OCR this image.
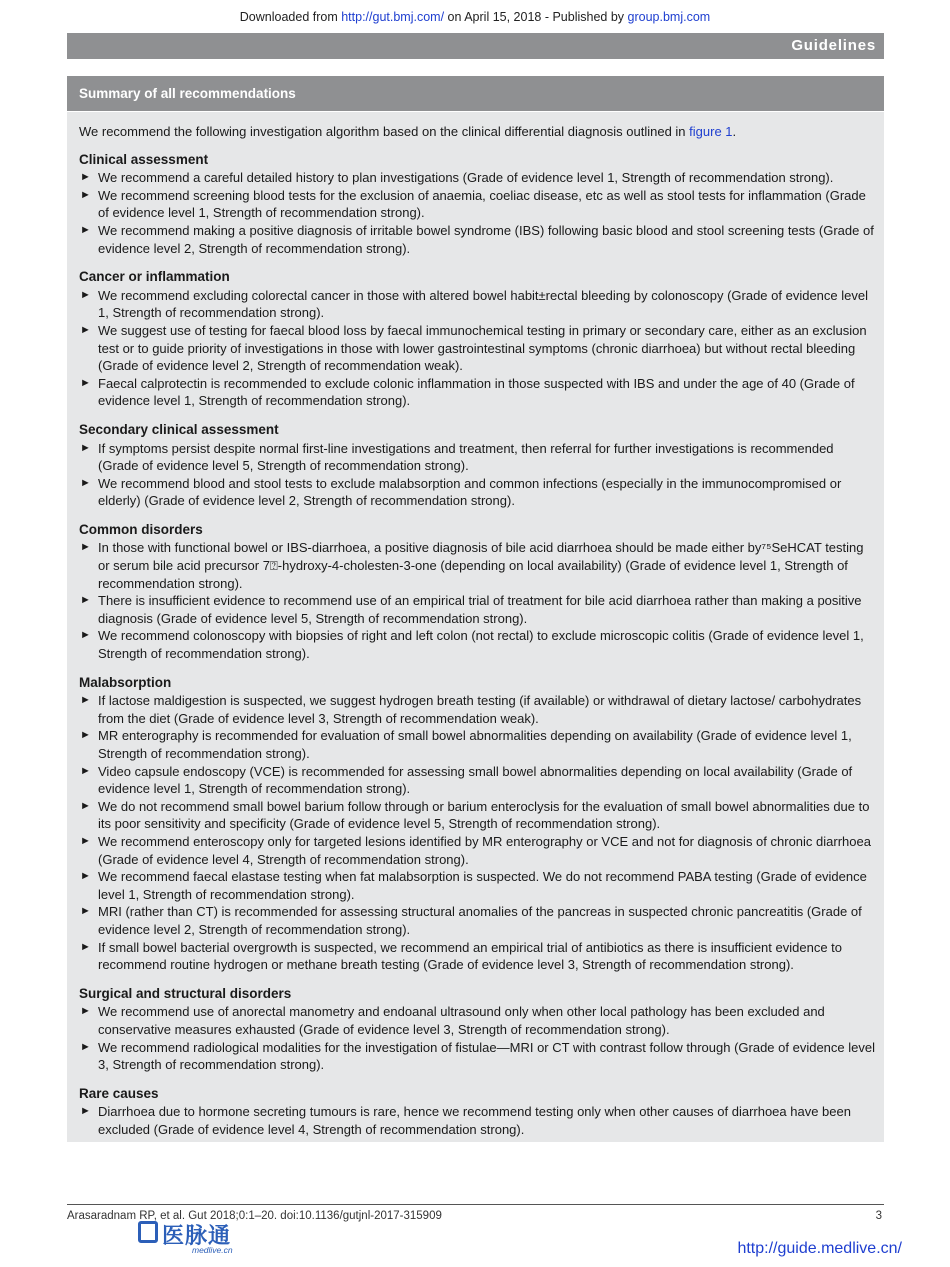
Downloaded from http://gut.bmj.com/ on April 15, 2018 - Published by group.bmj.com
Guidelines
Summary of all recommendations

We recommend the following investigation algorithm based on the clinical differential diagnosis outlined in figure 1.

Clinical assessment
► We recommend a careful detailed history to plan investigations (Grade of evidence level 1, Strength of recommendation strong).
► We recommend screening blood tests for the exclusion of anaemia, coeliac disease, etc as well as stool tests for inflammation (Grade of evidence level 1, Strength of recommendation strong).
► We recommend making a positive diagnosis of irritable bowel syndrome (IBS) following basic blood and stool screening tests (Grade of evidence level 2, Strength of recommendation strong).
Cancer or inflammation
► We recommend excluding colorectal cancer in those with altered bowel habit±rectal bleeding by colonoscopy (Grade of evidence level 1, Strength of recommendation strong).
► We suggest use of testing for faecal blood loss by faecal immunochemical testing in primary or secondary care, either as an exclusion test or to guide priority of investigations in those with lower gastrointestinal symptoms (chronic diarrhoea) but without rectal bleeding (Grade of evidence level 2, Strength of recommendation weak).
► Faecal calprotectin is recommended to exclude colonic inflammation in those suspected with IBS and under the age of 40 (Grade of evidence level 1, Strength of recommendation strong).
Secondary clinical assessment
► If symptoms persist despite normal first-line investigations and treatment, then referral for further investigations is recommended (Grade of evidence level 5, Strength of recommendation strong).
► We recommend blood and stool tests to exclude malabsorption and common infections (especially in the immunocompromised or elderly) (Grade of evidence level 2, Strength of recommendation strong).
Common disorders
► In those with functional bowel or IBS-diarrhoea, a positive diagnosis of bile acid diarrhoea should be made either by⁷⁵SeHCAT testing or serum bile acid precursor 7⍰-hydroxy-4-cholesten-3-one (depending on local availability) (Grade of evidence level 1, Strength of recommendation strong).
► There is insufficient evidence to recommend use of an empirical trial of treatment for bile acid diarrhoea rather than making a positive diagnosis (Grade of evidence level 5, Strength of recommendation strong).
► We recommend colonoscopy with biopsies of right and left colon (not rectal) to exclude microscopic colitis (Grade of evidence level 1, Strength of recommendation strong).
Malabsorption
► If lactose maldigestion is suspected, we suggest hydrogen breath testing (if available) or withdrawal of dietary lactose/ carbohydrates from the diet (Grade of evidence level 3, Strength of recommendation weak).
► MR enterography is recommended for evaluation of small bowel abnormalities depending on availability (Grade of evidence level 1, Strength of recommendation strong).
► Video capsule endoscopy (VCE) is recommended for assessing small bowel abnormalities depending on local availability (Grade of evidence level 1, Strength of recommendation strong).
► We do not recommend small bowel barium follow through or barium enteroclysis for the evaluation of small bowel abnormalities due to its poor sensitivity and specificity (Grade of evidence level 5, Strength of recommendation strong).
► We recommend enteroscopy only for targeted lesions identified by MR enterography or VCE and not for diagnosis of chronic diarrhoea (Grade of evidence level 4, Strength of recommendation strong).
► We recommend faecal elastase testing when fat malabsorption is suspected. We do not recommend PABA testing (Grade of evidence level 1, Strength of recommendation strong).
► MRI (rather than CT) is recommended for assessing structural anomalies of the pancreas in suspected chronic pancreatitis (Grade of evidence level 2, Strength of recommendation strong).
► If small bowel bacterial overgrowth is suspected, we recommend an empirical trial of antibiotics as there is insufficient evidence to recommend routine hydrogen or methane breath testing (Grade of evidence level 3, Strength of recommendation strong).
Surgical and structural disorders
► We recommend use of anorectal manometry and endoanal ultrasound only when other local pathology has been excluded and conservative measures exhausted (Grade of evidence level 3, Strength of recommendation strong).
► We recommend radiological modalities for the investigation of fistulae—MRI or CT with contrast follow through (Grade of evidence level 3, Strength of recommendation strong).
Rare causes
► Diarrhoea due to hormone secreting tumours is rare, hence we recommend testing only when other causes of diarrhoea have been excluded (Grade of evidence level 4, Strength of recommendation strong).
Arasaradnam RP, et al. Gut 2018;0:1–20. doi:10.1136/gutjnl-2017-315909	3
医脉通
medlive.cn	http://guide.medlive.cn/
